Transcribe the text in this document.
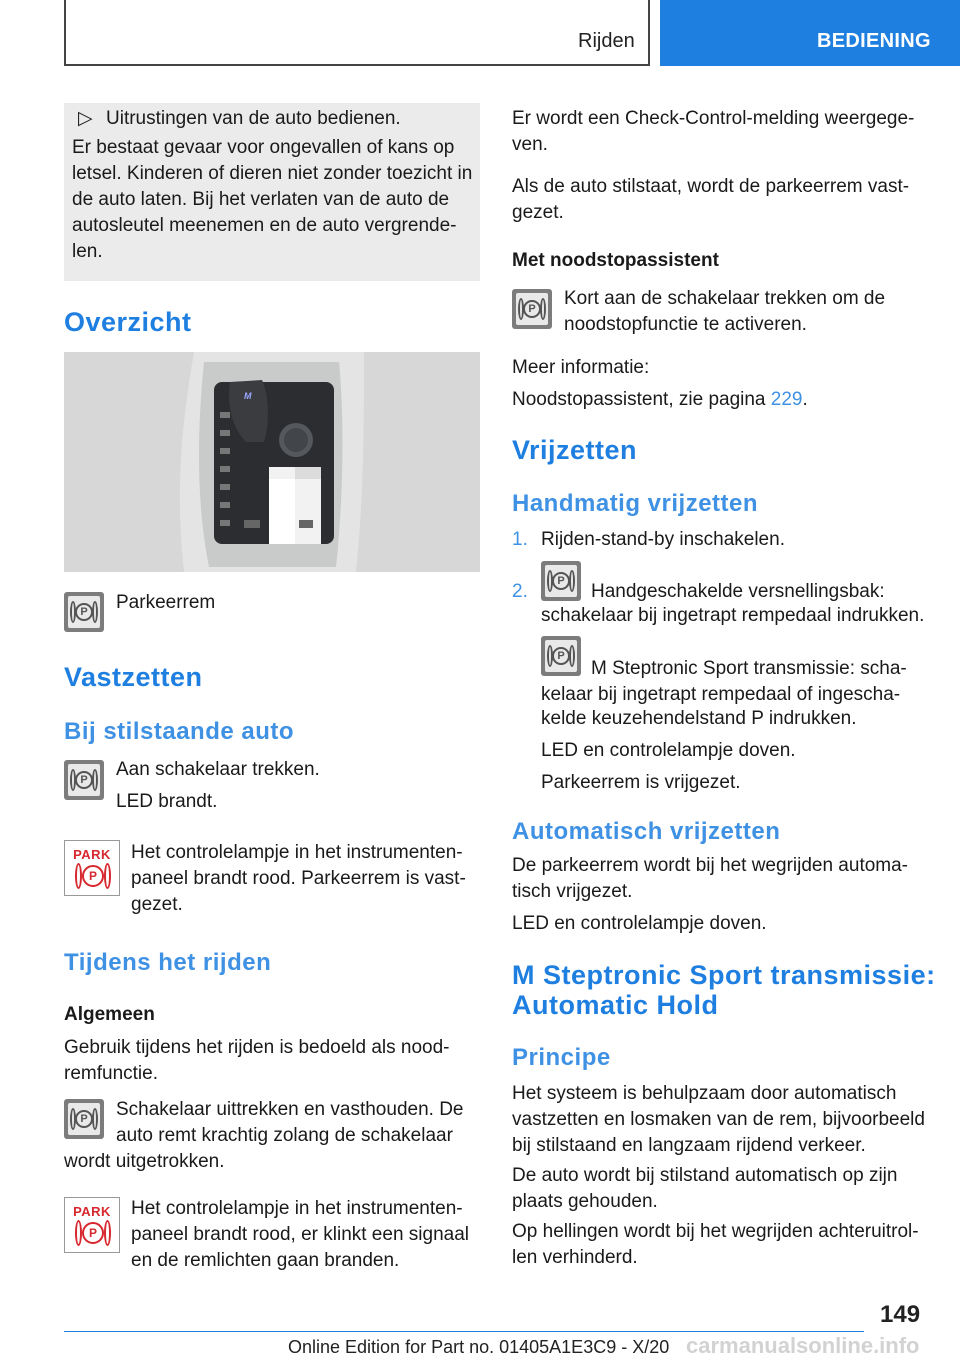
Rijden	BEDIENING
▷ Uitrustingen van de auto bedienen.
Er bestaat gevaar voor ongevallen of kans op
letsel. Kinderen of dieren niet zonder toezicht in
de auto laten. Bij het verlaten van de auto de
autosleutel meenemen en de auto vergrende-
len.
Overzicht
M
P Parkeerrem
Vastzetten
Bij stilstaande auto
P Aan schakelaar trekken.
LED brandt.
PARK
P
Het controlelampje in het instrumenten-
paneel brandt rood. Parkeerrem is vast-
gezet.
Tijdens het rijden
Algemeen
Gebruik tijdens het rijden is bedoeld als nood-
remfunctie.
P Schakelaar uittrekken en vasthouden. De
auto remt krachtig zolang de schakelaar
wordt uitgetrokken.
PARK
P
Het controlelampje in het instrumenten-
paneel brandt rood, er klinkt een signaal
en de remlichten gaan branden.
Er wordt een Check-Control-melding weergege-
ven.
Als de auto stilstaat, wordt de parkeerrem vast-
gezet.
Met noodstopassistent
P Kort aan de schakelaar trekken om de
noodstopfunctie te activeren.
Meer informatie:
Noodstopassistent, zie pagina 229.
Vrijzetten
Handmatig vrijzetten
1. Rijden-stand-by inschakelen.
2.	P Handgeschakelde versnellingsbak:
schakelaar bij ingetrapt rempedaal indrukken.
P
M Steptronic Sport transmissie: scha-
kelaar bij ingetrapt rempedaal of ingescha-
kelde keuzehendelstand P indrukken.
LED en controlelampje doven.
Parkeerrem is vrijgezet.
Automatisch vrijzetten
De parkeerrem wordt bij het wegrijden automa-
tisch vrijgezet.
LED en controlelampje doven.
M Steptronic Sport transmissie:
Automatic Hold
Principe
Het systeem is behulpzaam door automatisch
vastzetten en losmaken van de rem, bijvoorbeeld
bij stilstaand en langzaam rijdend verkeer.
De auto wordt bij stilstand automatisch op zijn
plaats gehouden.
Op hellingen wordt bij het wegrijden achteruitrol-
len verhinderd.
149
Online Edition for Part no. 01405A1E3C9 - X/20 carmanualsonline.info
